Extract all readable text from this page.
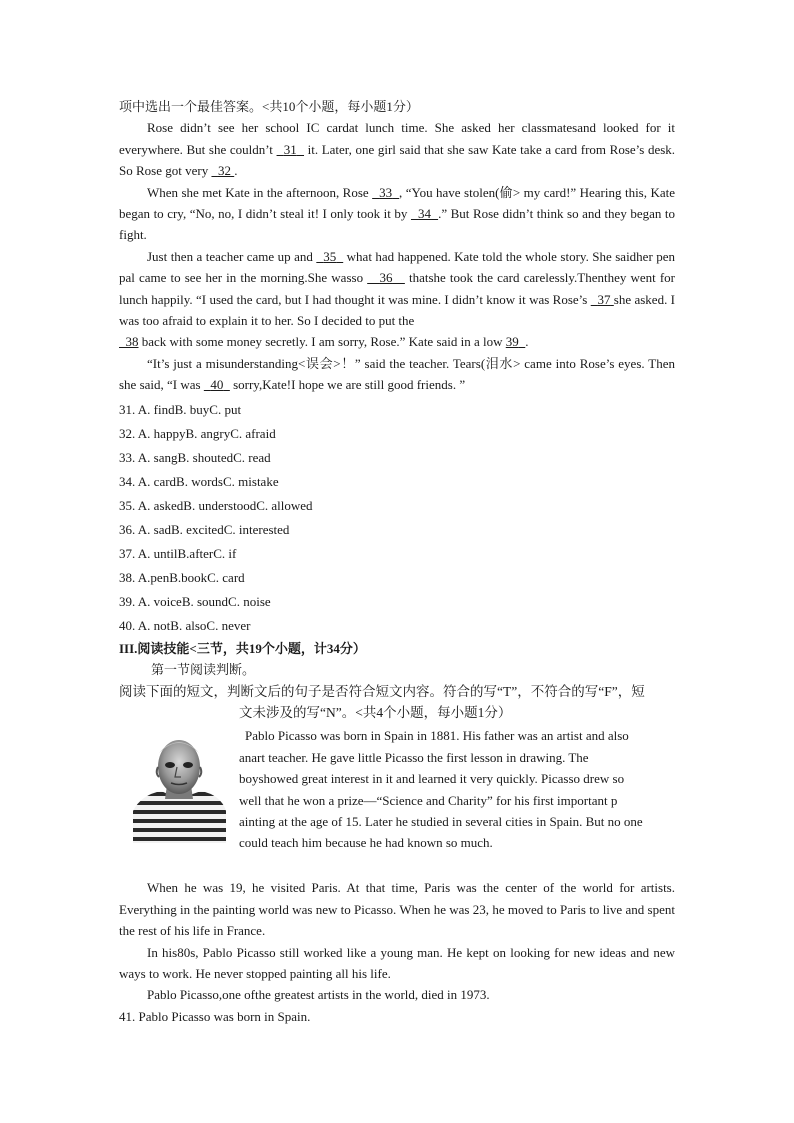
项中选出一个最佳答案。<共10个小题，每小题1分）
Rose didn’t see her school IC cardat lunch time. She asked her classmatesand looked for it everywhere. But she couldn’t   31   it. Later, one girl said that she saw Kate take a card from Rose’s desk. So Rose got very   32 .
When she met Kate in the afternoon, Rose   33 , “You have stolen(偷> my card!” Hearing this, Kate began to cry, “No, no, I didn’t steal it! I only took it by   34 .” But Rose didn’t think so and they began to fight.
Just then a teacher came up and   35   what had happened. Kate told the whole story. She saidher pen pal came to see her in the morning.She wasso    36    thatshe took the card carelessly.Thenthey went for lunch happily. “I used the card, but I had thought it was mine. I didn’t know it was Rose’s   37 she asked. I was too afraid to explain it to her. So I decided to put the
38 back with some money secretly. I am sorry, Rose.” Kate said in a low 39 .
“It’s just a misunderstanding<误会>！” said the teacher. Tears(泪水> came into Rose’s eyes. Then she said, “I was   40   sorry,Kate!I hope we are still good friends. ”
31. A. findB. buyC. put
32. A. happyB. angryC. afraid
33. A. sangB. shoutedC. read
34. A. cardB. wordsC. mistake
35. A. askedB. understoodC. allowed
36. A. sadB. excitedC. interested
37. A. untilB.afterC. if
38. A.penB.bookC. card
39. A. voiceB. soundC. noise
40. A. notB. alsoC. never
III.阅读技能<三节，共19个小题，计34分）
第一节阅读判断。
阅读下面的短文，判断文后的句子是否符合短文内容。符合的写“T”，不符合的写“F”，短
文未涉及的写“N”。<共4个小题，每小题1分）
Pablo Picasso was born in Spain in 1881. His father was an artist and also
anart teacher. He gave little Picasso the first lesson in drawing. The
boyshowed great interest in it and learned it very quickly. Picasso drew so
well that he won a prize—“Science and Charity” for his first important p
ainting at the age of 15. Later he studied in several cities in Spain. But no one
could teach him because he had known so much.
When he was 19, he visited Paris. At that time, Paris was the center of the world for artists. Everything in the painting world was new to Picasso. When he was 23, he moved to Paris to live and spent the rest of his life in France.
In his80s, Pablo Picasso still worked like a young man. He kept on looking for new ideas and new ways to work. He never stopped painting all his life.
Pablo Picasso,one ofthe greatest artists in the world, died in 1973.
41. Pablo Picasso was born in Spain.
